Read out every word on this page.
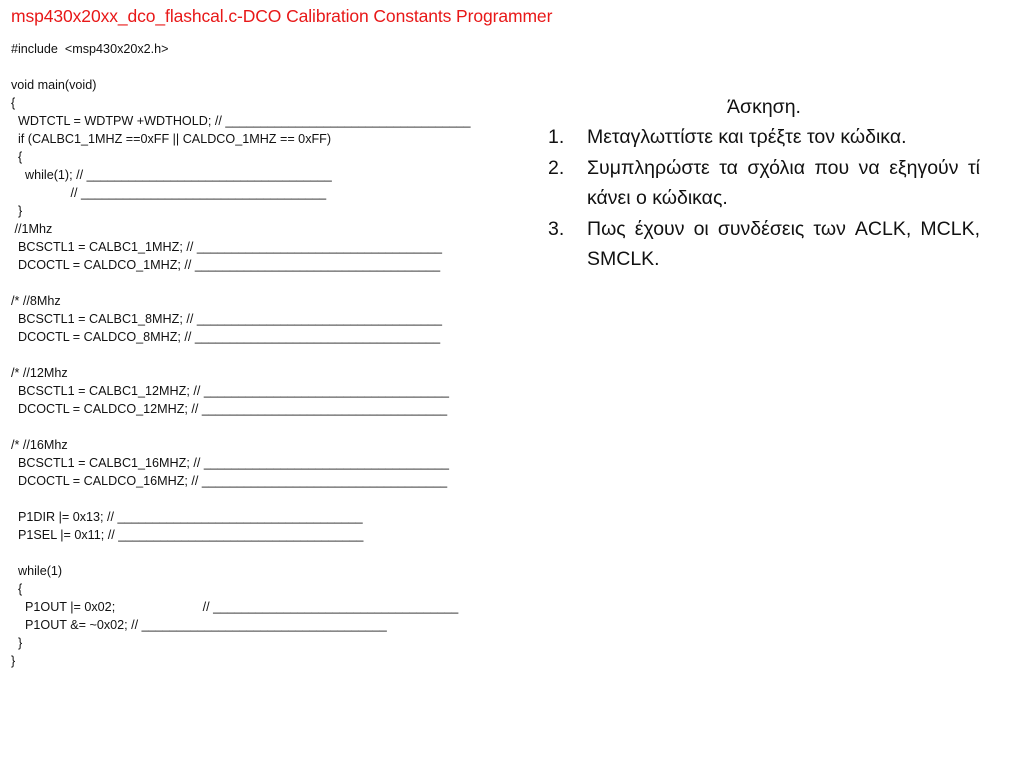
msp430x20xx_dco_flashcal.c-DCO Calibration Constants Programmer
#include  <msp430x20x2.h>
void main(void)
{
WDTCTL = WDTPW +WDTHOLD; // ___________________________________
if (CALBC1_1MHZ ==0xFF || CALDCO_1MHZ == 0xFF)
{
while(1); // ___________________________________
// ___________________________________
}
//1Mhz
BCSCTL1 = CALBC1_1MHZ; // ___________________________________
DCOCTL = CALDCO_1MHZ; // ___________________________________
/* //8Mhz
BCSCTL1 = CALBC1_8MHZ; // ___________________________________
DCOCTL = CALDCO_8MHZ; // ___________________________________
/* //12Mhz
BCSCTL1 = CALBC1_12MHZ; // ___________________________________
DCOCTL = CALDCO_12MHZ; // ___________________________________
/* //16Mhz
BCSCTL1 = CALBC1_16MHZ; // ___________________________________
DCOCTL = CALDCO_16MHZ; // ___________________________________
P1DIR |= 0x13; // ___________________________________
P1SEL |= 0x11; // ___________________________________
while(1)
{
P1OUT |= 0x02;                         // ___________________________________
P1OUT &= ~0x02; // ___________________________________
}
}
Άσκηση.
1.	Μεταγλωττίστε και τρέξτε τον κώδικα.
2.	Συμπληρώστε τα σχόλια που να εξηγούν τί κάνει ο κώδικας.
3.	Πως έχουν οι συνδέσεις των ACLK, MCLK, SMCLK.
